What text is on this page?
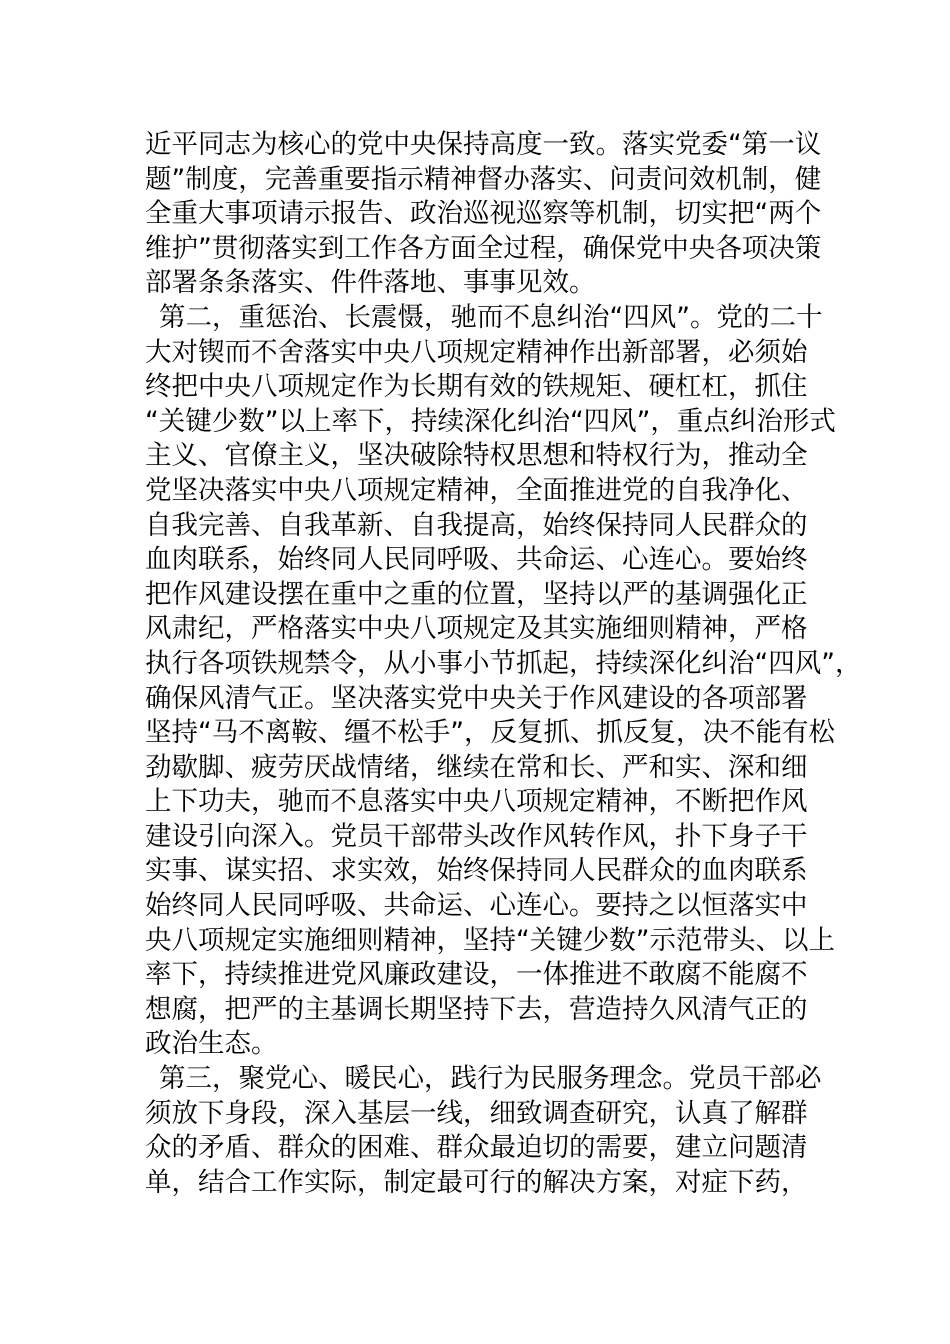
近平同志为核心的党中央保持高度一致。落实党委“第一议
题”制度，完善重要指示精神督办落实、问责问效机制，健
全重大事项请示报告、政治巡视巡察等机制，切实把“两个
维护”贯彻落实到工作各方面全过程，确保党中央各项决策
部署条条落实、件件落地、事事见效。
第二，重惩治、长震慑，驰而不息纠治“四风”。党的二十
大对锲而不舍落实中央八项规定精神作出新部署，必须始
终把中央八项规定作为长期有效的铁规矩、硬杠杠，抓住
“关键少数”以上率下，持续深化纠治“四风”，重点纠治形式
主义、官僚主义，坚决破除特权思想和特权行为，推动全
党坚决落实中央八项规定精神，全面推进党的自我净化、
自我完善、自我革新、自我提高，始终保持同人民群众的
血肉联系，始终同人民同呼吸、共命运、心连心。要始终
把作风建设摆在重中之重的位置，坚持以严的基调强化正
风肃纪，严格落实中央八项规定及其实施细则精神，严格
执行各项铁规禁令，从小事小节抓起，持续深化纠治“四风”，
确保风清气正。坚决落实党中央关于作风建设的各项部署
坚持“马不离鞍、缰不松手”，反复抓、抓反复，决不能有松
劲歇脚、疲劳厌战情绪，继续在常和长、严和实、深和细
上下功夫，驰而不息落实中央八项规定精神，不断把作风
建设引向深入。党员干部带头改作风转作风，扑下身子干
实事、谋实招、求实效，始终保持同人民群众的血肉联系
始终同人民同呼吸、共命运、心连心。要持之以恒落实中
央八项规定实施细则精神，坚持“关键少数”示范带头、以上
率下，持续推进党风廉政建设，一体推进不敢腐不能腐不
想腐，把严的主基调长期坚持下去，营造持久风清气正的
政治生态。
第三，聚党心、暖民心，践行为民服务理念。党员干部必
须放下身段，深入基层一线，细致调查研究，认真了解群
众的矛盾、群众的困难、群众最迫切的需要，建立问题清
单，结合工作实际，制定最可行的解决方案，对症下药，
